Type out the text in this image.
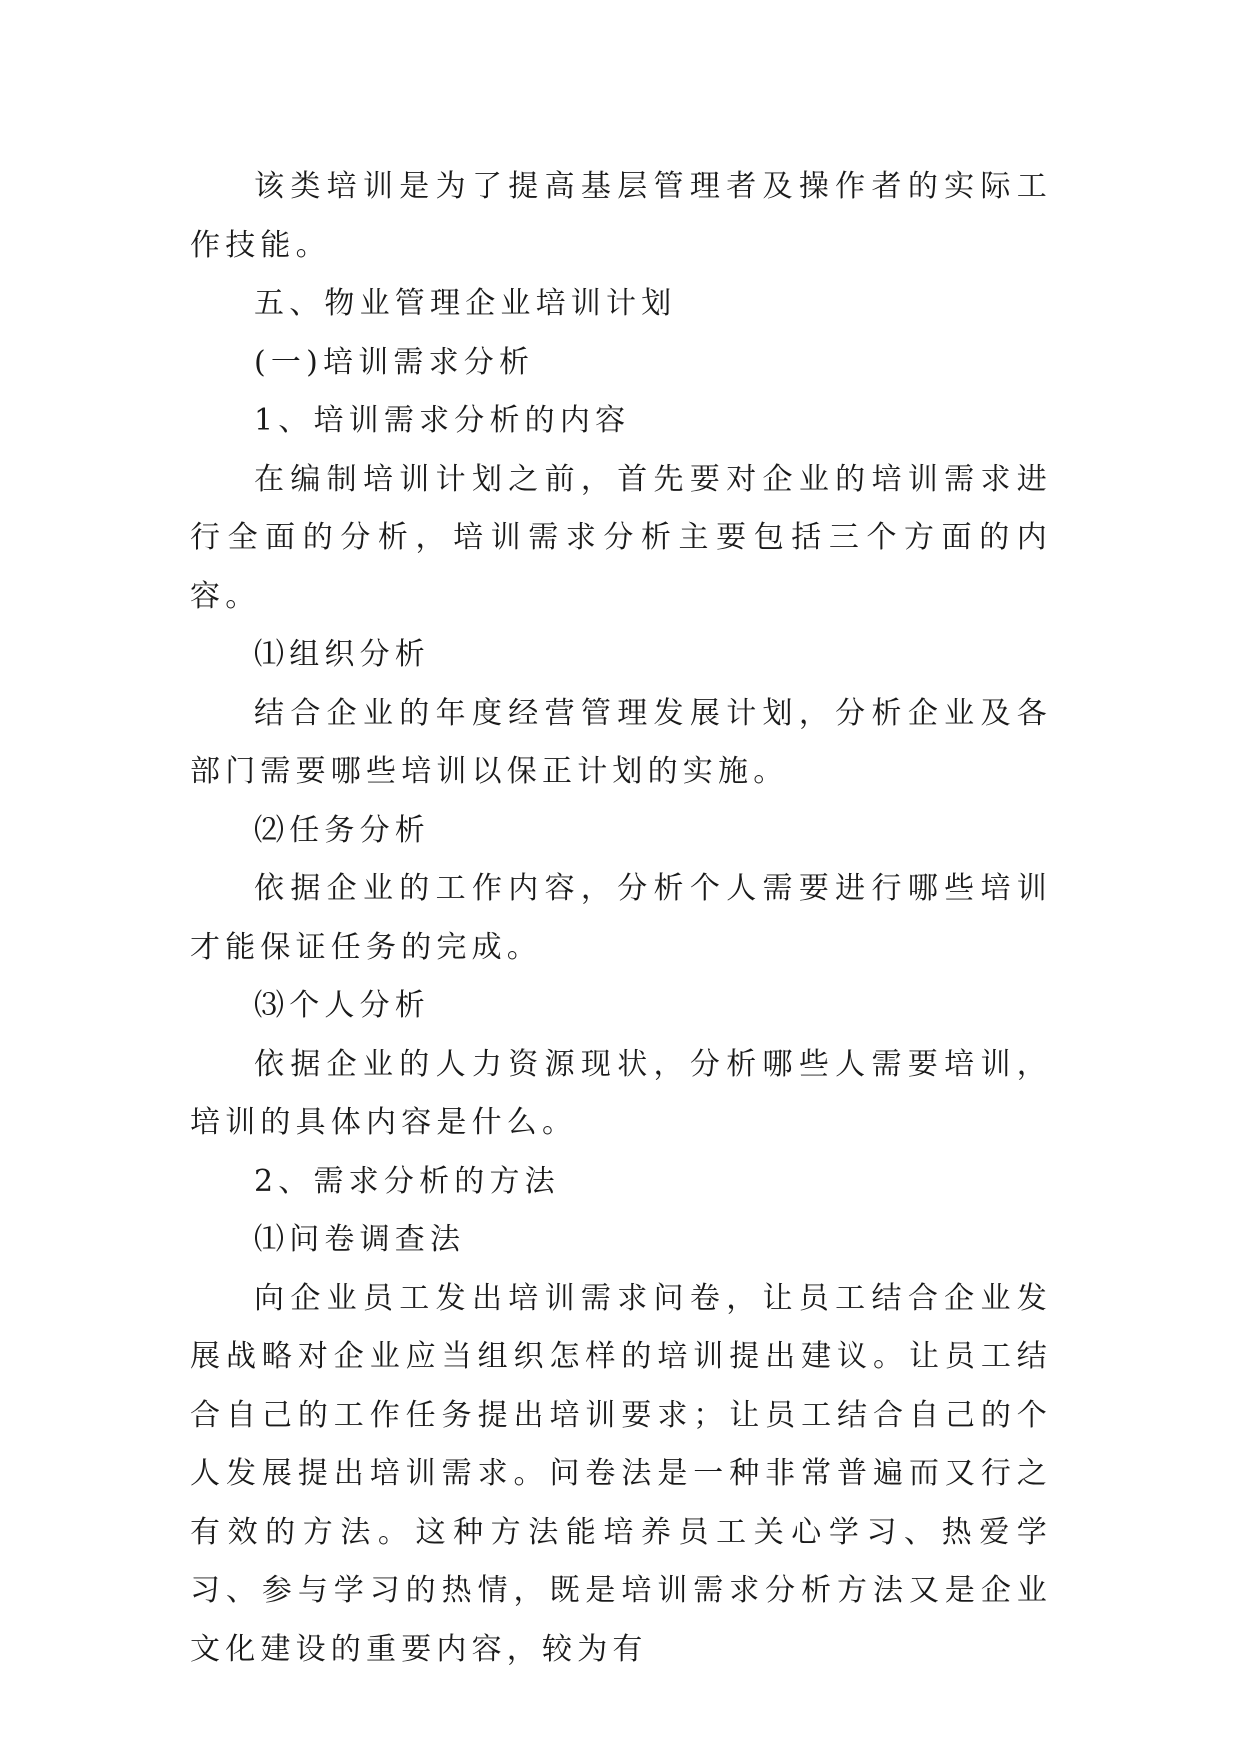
该类培训是为了提高基层管理者及操作者的实际工作技能。

五、物业管理企业培训计划

(一)培训需求分析

1、培训需求分析的内容

在编制培训计划之前，首先要对企业的培训需求进行全面的分析，培训需求分析主要包括三个方面的内容。

⑴组织分析

结合企业的年度经营管理发展计划，分析企业及各部门需要哪些培训以保正计划的实施。

⑵任务分析

依据企业的工作内容，分析个人需要进行哪些培训才能保证任务的完成。

⑶个人分析

依据企业的人力资源现状，分析哪些人需要培训，培训的具体内容是什么。

2、需求分析的方法

⑴问卷调查法

向企业员工发出培训需求问卷，让员工结合企业发展战略对企业应当组织怎样的培训提出建议。让员工结合自己的工作任务提出培训要求；让员工结合自己的个人发展提出培训需求。问卷法是一种非常普遍而又行之有效的方法。这种方法能培养员工关心学习、热爱学习、参与学习的热情，既是培训需求分析方法又是企业文化建设的重要内容，较为有
